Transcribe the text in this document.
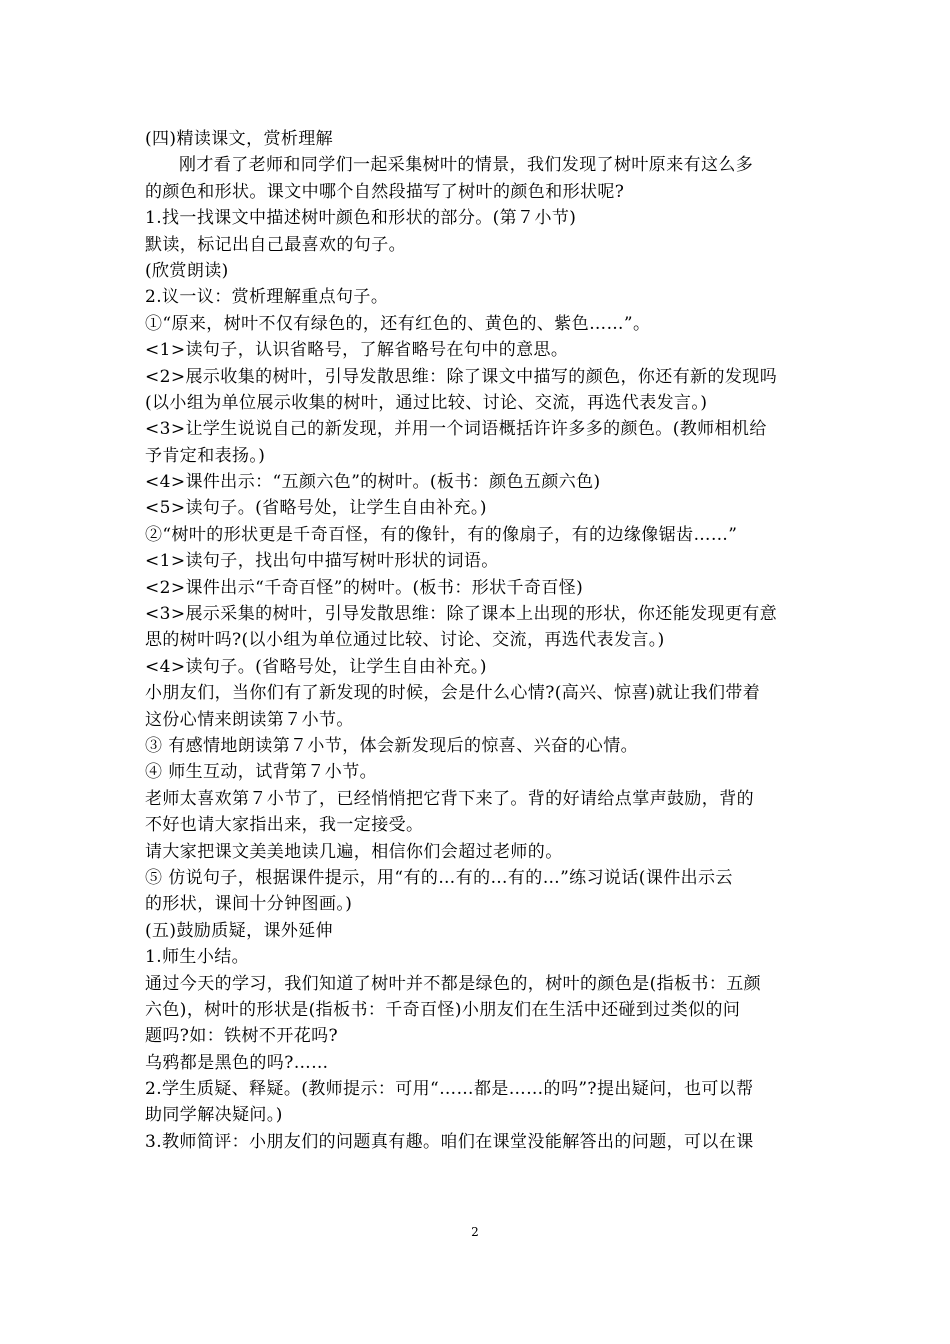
(四)精读课文，赏析理解
刚才看了老师和同学们一起采集树叶的情景，我们发现了树叶原来有这么多
的颜色和形状。课文中哪个自然段描写了树叶的颜色和形状呢?
1.找一找课文中描述树叶颜色和形状的部分。(第７小节)
默读，标记出自己最喜欢的句子。
(欣赏朗读)
2.议一议：赏析理解重点句子。
①“原来，树叶不仅有绿色的，还有红色的、黄色的、紫色……”。
<1>读句子，认识省略号，了解省略号在句中的意思。
<2>展示收集的树叶，引导发散思维：除了课文中描写的颜色，你还有新的发现吗
(以小组为单位展示收集的树叶，通过比较、讨论、交流，再选代表发言。)
<3>让学生说说自己的新发现，并用一个词语概括许许多多的颜色。(教师相机给
予肯定和表扬。)
<4>课件出示：“五颜六色”的树叶。(板书：颜色五颜六色)
<5>读句子。(省略号处，让学生自由补充。)
②“树叶的形状更是千奇百怪，有的像针，有的像扇子，有的边缘像锯齿……”
<1>读句子，找出句中描写树叶形状的词语。
<2>课件出示“千奇百怪”的树叶。(板书：形状千奇百怪)
<3>展示采集的树叶，引导发散思维：除了课本上出现的形状，你还能发现更有意
思的树叶吗?(以小组为单位通过比较、讨论、交流，再选代表发言。)
<4>读句子。(省略号处，让学生自由补充。)
小朋友们，当你们有了新发现的时候，会是什么心情?(高兴、惊喜)就让我们带着
这份心情来朗读第７小节。
③ 有感情地朗读第７小节，体会新发现后的惊喜、兴奋的心情。
④ 师生互动，试背第７小节。
老师太喜欢第７小节了，已经悄悄把它背下来了。背的好请给点掌声鼓励，背的
不好也请大家指出来，我一定接受。
请大家把课文美美地读几遍，相信你们会超过老师的。
⑤ 仿说句子，根据课件提示，用“有的…有的…有的…”练习说话(课件出示云
的形状，课间十分钟图画。)
(五)鼓励质疑，课外延伸
1.师生小结。
通过今天的学习，我们知道了树叶并不都是绿色的，树叶的颜色是(指板书：五颜
六色)，树叶的形状是(指板书：千奇百怪)小朋友们在生活中还碰到过类似的问
题吗?如：铁树不开花吗?
乌鸦都是黑色的吗?……
2.学生质疑、释疑。(教师提示：可用“……都是……的吗”?提出疑问，也可以帮
助同学解决疑问。)
3.教师简评：小朋友们的问题真有趣。咱们在课堂没能解答出的问题，可以在课
2
